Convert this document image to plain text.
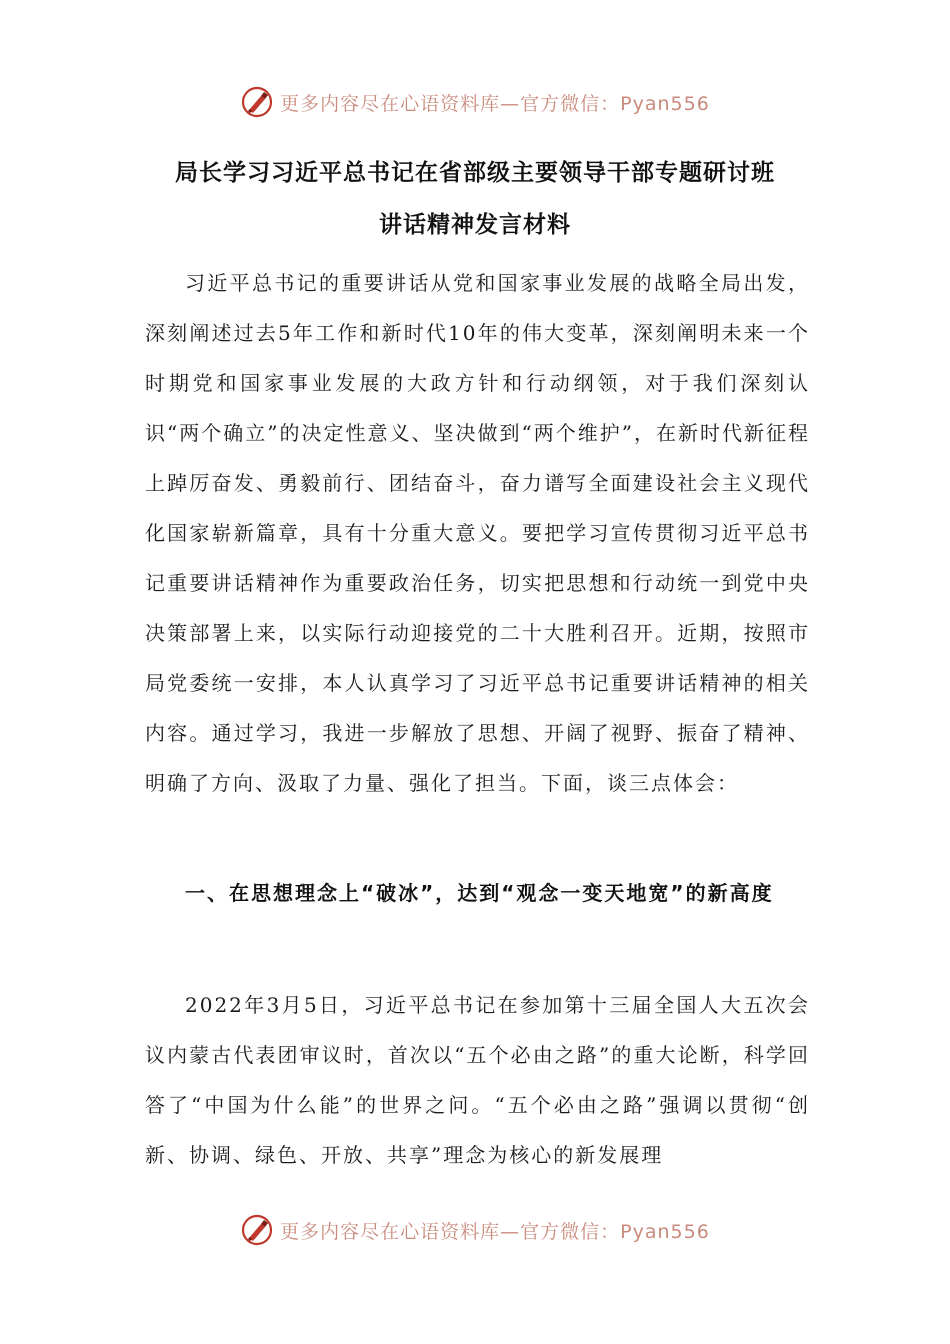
更多内容尽在心语资料库—官方微信：Pyan556
局长学习习近平总书记在省部级主要领导干部专题研讨班
讲话精神发言材料

习近平总书记的重要讲话从党和国家事业发展的战略全局出发，深刻阐述过去5年工作和新时代10年的伟大变革，深刻阐明未来一个时期党和国家事业发展的大政方针和行动纲领，对于我们深刻认识“两个确立”的决定性意义、坚决做到“两个维护”，在新时代新征程上踔厉奋发、勇毅前行、团结奋斗，奋力谱写全面建设社会主义现代化国家崭新篇章，具有十分重大意义。要把学习宣传贯彻习近平总书记重要讲话精神作为重要政治任务，切实把思想和行动统一到党中央决策部署上来，以实际行动迎接党的二十大胜利召开。近期，按照市局党委统一安排，本人认真学习了习近平总书记重要讲话精神的相关内容。通过学习，我进一步解放了思想、开阔了视野、振奋了精神、明确了方向、汲取了力量、强化了担当。下面，谈三点体会：

一、在思想理念上“破冰”，达到“观念一变天地宽”的新高度

2022年3月5日，习近平总书记在参加第十三届全国人大五次会议内蒙古代表团审议时，首次以“五个必由之路”的重大论断，科学回答了“中国为什么能”的世界之问。“五个必由之路”强调以贯彻“创新、协调、绿色、开放、共享”理念为核心的新发展理

更多内容尽在心语资料库—官方微信：Pyan556
